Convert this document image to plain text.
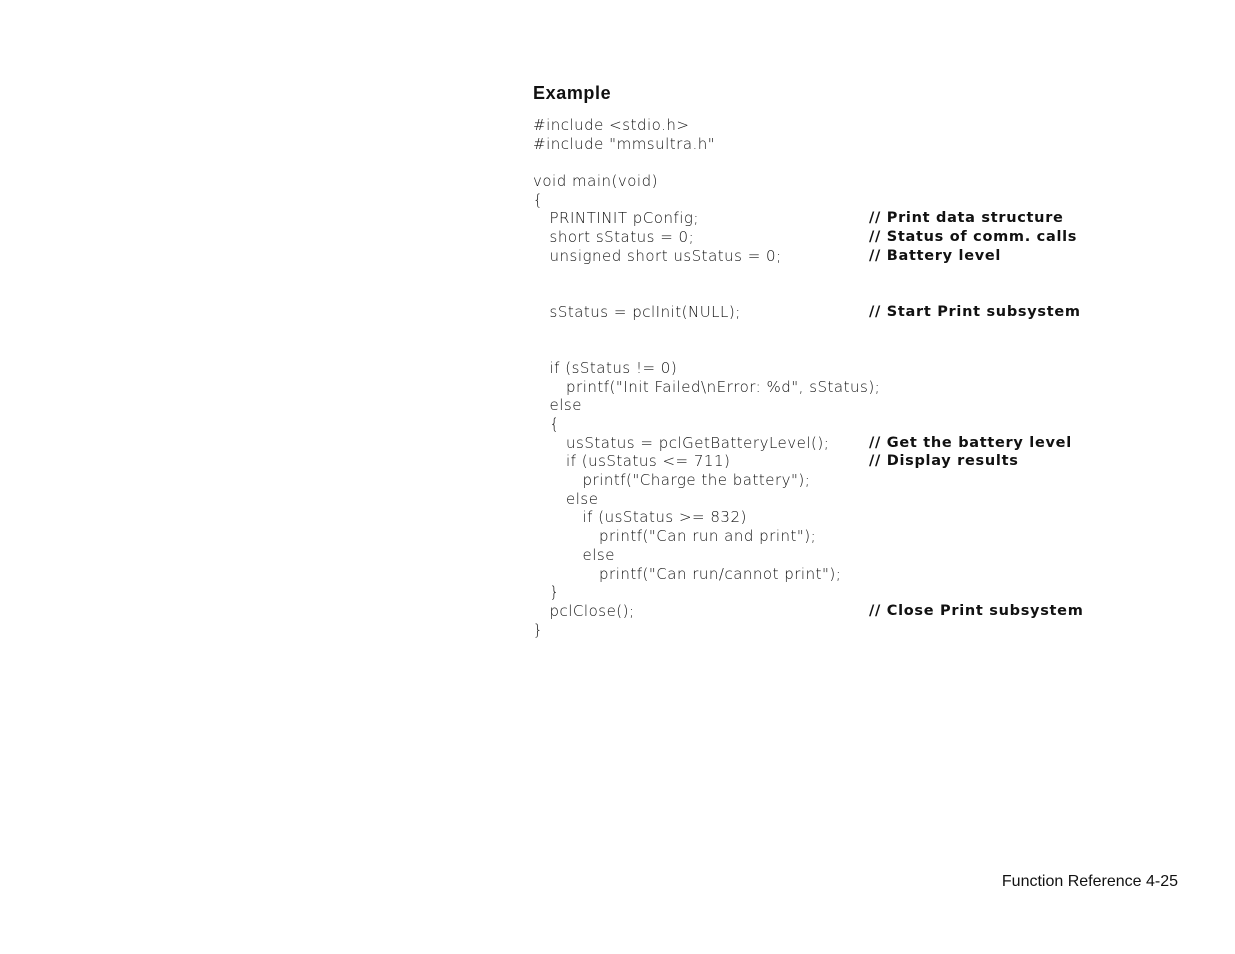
Example
#include <stdio.h>
#include "mmsultra.h"
void main(void)
{
PRINTINIT pConfig;	// Print data structure
short sStatus = 0;	// Status of comm. calls
unsigned short usStatus = 0;	// Battery level
sStatus = pclInit(NULL);	// Start Print subsystem
if (sStatus != 0)
printf("Init Failed\nError: %d", sStatus);
else
{
usStatus = pclGetBatteryLevel();	// Get the battery level
if (usStatus <= 711)	// Display results
printf("Charge the battery");
else
if (usStatus >= 832)
printf("Can run and print");
else
printf("Can run/cannot print");
}
pclClose();	// Close Print subsystem
}
Function Reference 4-25
